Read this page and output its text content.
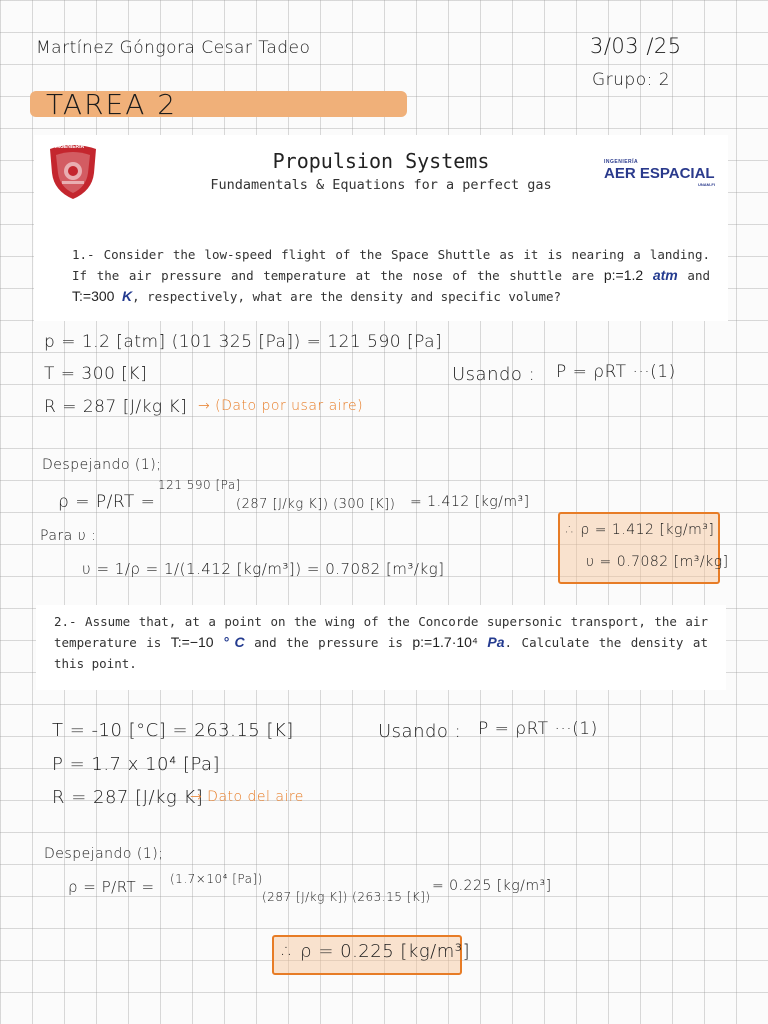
Martínez Góngora Cesar Tadeo	3/03 /25
Grupo: 2
TAREA 2
Propulsion Systems
Fundamentals & Equations for a perfect gas
1.- Consider the low-speed flight of the Space Shuttle as it is nearing a landing. If the air pressure and temperature at the nose of the shuttle are p:=1.2 atm and T:=300 K, respectively, what are the density and specific volume?
INGENIERIA
INGENIERÍA
AER ESPACIAL
UNAM-FI
p = 1.2 [atm] (101 325 [Pa]) = 121 590 [Pa]
T = 300 [K]
R = 287 [J/kg K] → (Dato por usar aire)
Usando : P = ρRT ···(1)
Despejando (1);
ρ = P/RT =
121 590 [Pa]
(287 [J/kg K]) (300 [K]) = 1.412 [kg/m³]
Para υ :
υ = 1/ρ = 1/(1.412 [kg/m³]) = 0.7082 [m³/kg]
∴ ρ = 1.412 [kg/m³]
υ = 0.7082 [m³/kg]
2.- Assume that, at a point on the wing of the Concorde supersonic transport, the air temperature is T:=−10 ° C and the pressure is p:=1.7·10⁴ Pa. Calculate the density at this point.
T = -10 [°C] = 263.15 [K]	Usando : P = ρRT ···(1)
P = 1.7 x 10⁴ [Pa]
R = 287 [J/kg K]
→ Dato del aire
Despejando (1);
ρ = P/RT = (1.7×10⁴ [Pa])
(287 [J/kg K]) (263.15 [K])
= 0.225 [kg/m³]
∴ ρ = 0.225 [kg/m³]
